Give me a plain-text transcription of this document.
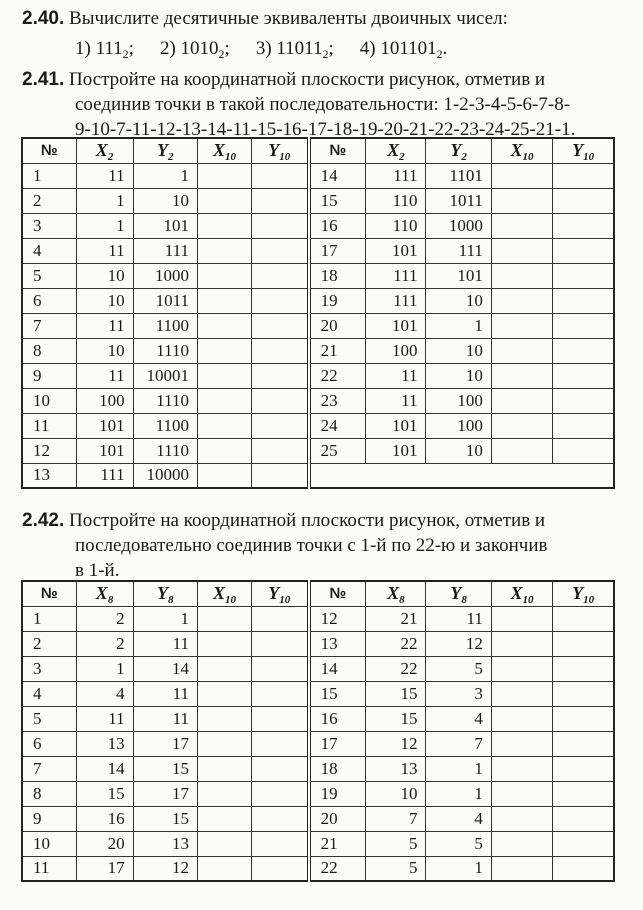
2.40. Вычислите десятичные эквиваленты двоичных чисел:
1) $111_2$; 2) $1010_2$; 3) $11011_2$; 4) $101101_2$.
2.41. Постройте на координатной плоскости рисунок, отметив и
соединив точки в такой последовательности: 1-2-3-4-5-6-7-8-
9-10-7-11-12-13-14-11-15-16-17-18-19-20-21-22-23-24-25-21-1.
№	$X_2$	$Y_2$	$X_{10}$	$Y_{10}$	№	$X_2$	$Y_2$	$X_{10}$	$Y_{10}$
1	11	1			14	111	1101		
2	1	10			15	110	1011		
3	1	101			16	110	1000		
4	11	111			17	101	111		
5	10	1000			18	111	101		
6	10	1011			19	111	10		
7	11	1100			20	101	1		
8	10	1110			21	100	10		
9	11	10001			22	11	10		
10	100	1110			23	11	100		
11	101	1100			24	101	100		
12	101	1110			25	101	10		
13	111	10000							
2.42. Постройте на координатной плоскости рисунок, отметив и
последовательно соединив точки с 1-й по 22-ю и закончив
в 1-й.
№	$X_8$	$Y_8$	$X_{10}$	$Y_{10}$	№	$X_8$	$Y_8$	$X_{10}$	$Y_{10}$
1	2	1			12	21	11		
2	2	11			13	22	12		
3	1	14			14	22	5		
4	4	11			15	15	3		
5	11	11			16	15	4		
6	13	17			17	12	7		
7	14	15			18	13	1		
8	15	17			19	10	1		
9	16	15			20	7	4		
10	20	13			21	5	5		
11	17	12			22	5	1		
